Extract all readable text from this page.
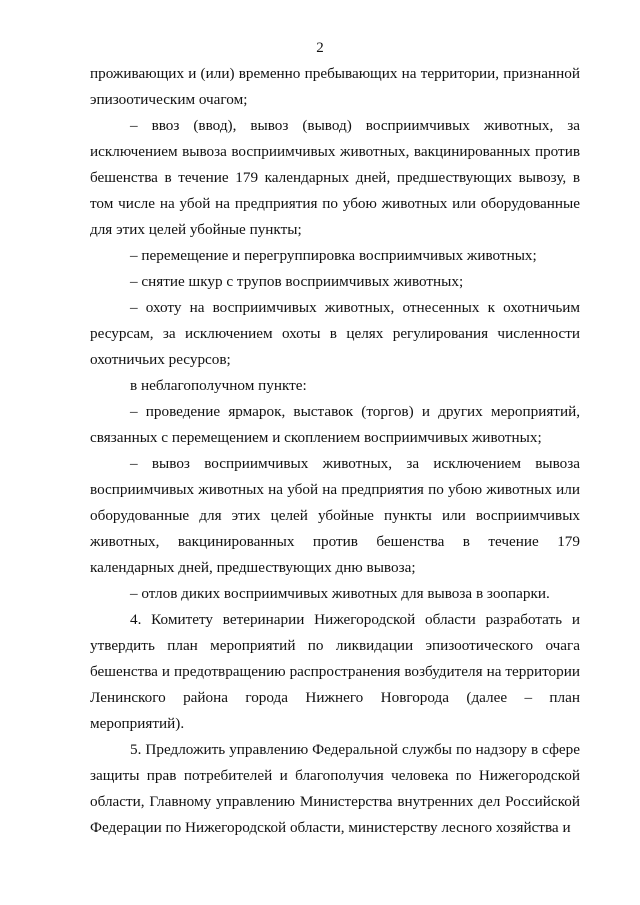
2

проживающих и (или) временно пребывающих на территории, признанной эпизоотическим очагом;

– ввоз (ввод), вывоз (вывод) восприимчивых животных, за исключением вывоза восприимчивых животных, вакцинированных против бешенства в течение 179 календарных дней, предшествующих вывозу, в том числе на убой на предприятия по убою животных или оборудованные для этих целей убойные пункты;

– перемещение и перегруппировка восприимчивых животных;

– снятие шкур с трупов восприимчивых животных;

– охоту на восприимчивых животных, отнесенных к охотничьим ресурсам, за исключением охоты в целях регулирования численности охотничьих ресурсов;

в неблагополучном пункте:

– проведение ярмарок, выставок (торгов) и других мероприятий, связанных с перемещением и скоплением восприимчивых животных;

– вывоз восприимчивых животных, за исключением вывоза восприимчивых животных на убой на предприятия по убою животных или оборудованные для этих целей убойные пункты или восприимчивых животных, вакцинированных против бешенства в течение 179 календарных дней, предшествующих дню вывоза;

– отлов диких восприимчивых животных для вывоза в зоопарки.

4. Комитету ветеринарии Нижегородской области разработать и утвердить план мероприятий по ликвидации эпизоотического очага бешенства и предотвращению распространения возбудителя на территории Ленинского района города Нижнего Новгорода (далее – план мероприятий).

5. Предложить управлению Федеральной службы по надзору в сфере защиты прав потребителей и благополучия человека по Нижегородской области, Главному управлению Министерства внутренних дел Российской Федерации по Нижегородской области, министерству лесного хозяйства и
